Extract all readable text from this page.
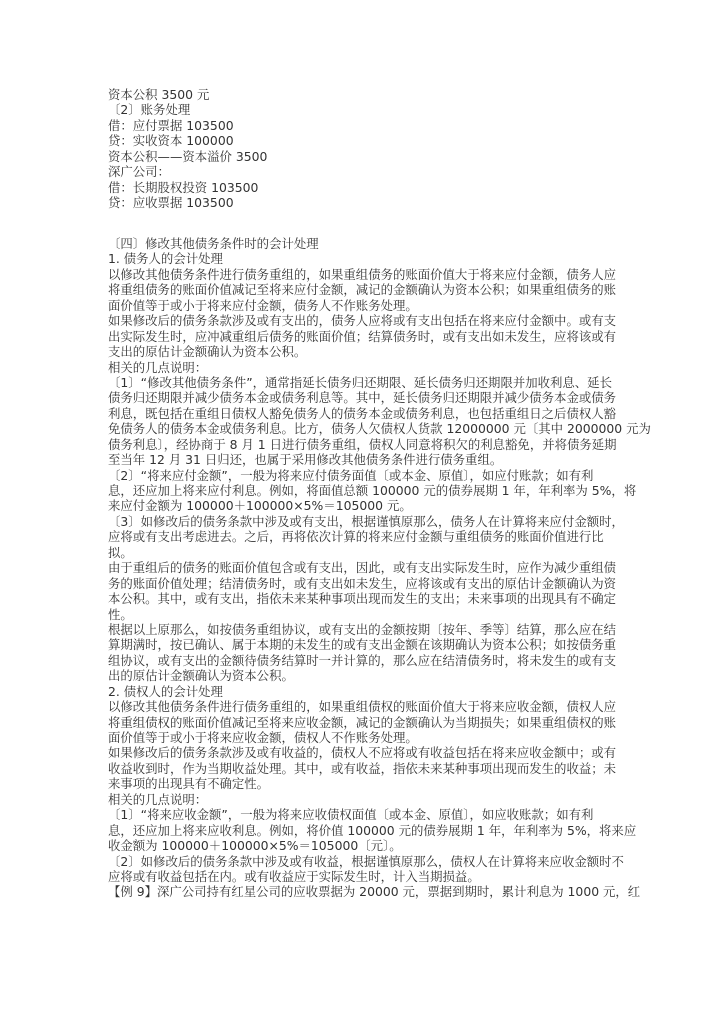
资本公积 3500 元
〔2〕账务处理
借：应付票据 103500
贷：实收资本 100000
资本公积——资本溢价 3500
深广公司：
借：长期股权投资 103500
贷：应收票据 103500
〔四〕修改其他债务条件时的会计处理
1. 债务人的会计处理
以修改其他债务条件进行债务重组的，如果重组债务的账面价值大于将来应付金额，债务人应
将重组债务的账面价值减记至将来应付金额，减记的金额确认为资本公积；如果重组债务的账
面价值等于或小于将来应付金额，债务人不作账务处理。
如果修改后的债务条款涉及或有支出的，债务人应将或有支出包括在将来应付金额中。或有支
出实际发生时，应冲减重组后债务的账面价值；结算债务时，或有支出如未发生，应将该或有
支出的原估计金额确认为资本公积。
相关的几点说明：
〔1〕“修改其他债务条件”，通常指延长债务归还期限、延长债务归还期限并加收利息、延长
债务归还期限并减少债务本金或债务利息等。其中，延长债务归还期限并减少债务本金或债务
利息，既包括在重组日债权人豁免债务人的债务本金或债务利息，也包括重组日之后债权人豁
免债务人的债务本金或债务利息。比方，债务人欠债权人货款 12000000 元〔其中 2000000 元为
债务利息〕，经协商于 8 月 1 日进行债务重组，债权人同意将积欠的利息豁免，并将债务延期
至当年 12 月 31 日归还，也属于采用修改其他债务条件进行债务重组。
〔2〕“将来应付金额”，一般为将来应付债务面值〔或本金、原值〕，如应付账款；如有利
息，还应加上将来应付利息。例如，将面值总额 100000 元的债券展期 1 年，年利率为 5%，将
来应付金额为 100000＋100000×5%＝105000 元。
〔3〕如修改后的债务条款中涉及或有支出，根据谨慎原那么，债务人在计算将来应付金额时，
应将或有支出考虑进去。之后，再将依次计算的将来应付金额与重组债务的账面价值进行比
拟。
由于重组后的债务的账面价值包含或有支出，因此，或有支出实际发生时，应作为减少重组债
务的账面价值处理；结清债务时，或有支出如未发生，应将该或有支出的原估计金额确认为资
本公积。其中，或有支出，指依未来某种事项出现而发生的支出；未来事项的出现具有不确定
性。
根据以上原那么，如按债务重组协议，或有支出的金额按期〔按年、季等〕结算，那么应在结
算期满时，按已确认、属于本期的未发生的或有支出金额在该期确认为资本公积；如按债务重
组协议，或有支出的金额待债务结算时一并计算的，那么应在结清债务时，将未发生的或有支
出的原估计金额确认为资本公积。
2. 债权人的会计处理
以修改其他债务条件进行债务重组的，如果重组债权的账面价值大于将来应收金额，债权人应
将重组债权的账面价值减记至将来应收金额，减记的金额确认为当期损失；如果重组债权的账
面价值等于或小于将来应收金额，债权人不作账务处理。
如果修改后的债务条款涉及或有收益的，债权人不应将或有收益包括在将来应收金额中；或有
收益收到时，作为当期收益处理。其中，或有收益，指依未来某种事项出现而发生的收益；未
来事项的出现具有不确定性。
相关的几点说明：
〔1〕“将来应收金额”，一般为将来应收债权面值〔或本金、原值〕，如应收账款；如有利
息，还应加上将来应收利息。例如，将价值 100000 元的债券展期 1 年，年利率为 5%，将来应
收金额为 100000＋100000×5%＝105000〔元〕。
〔2〕如修改后的债务条款中涉及或有收益，根据谨慎原那么，债权人在计算将来应收金额时不
应将或有收益包括在内。或有收益应于实际发生时，计入当期损益。
【例 9】深广公司持有红星公司的应收票据为 20000 元，票据到期时，累计利息为 1000 元，红
